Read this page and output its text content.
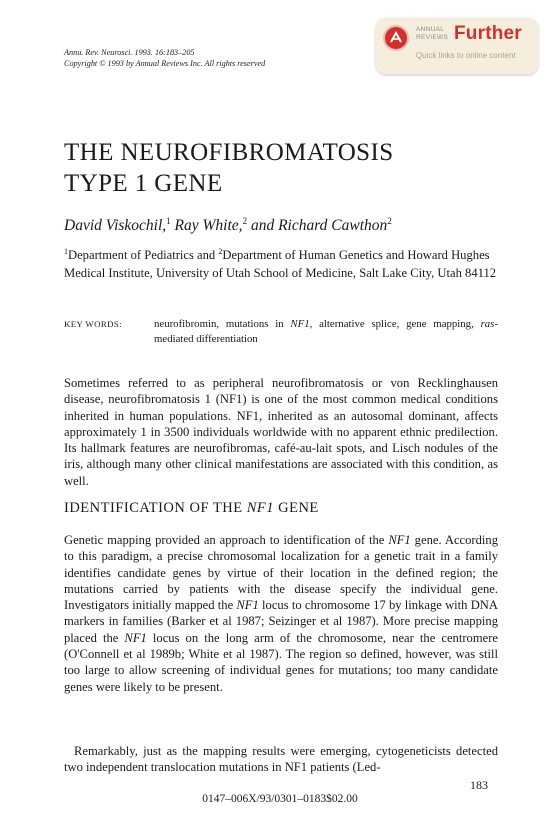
Annu. Rev. Neurosci. 1993. 16:183–205
Copyright © 1993 by Annual Reviews Inc. All rights reserved
ANNUAL
REVIEWS Further
Quick links to online content
THE NEUROFIBROMATOSIS
TYPE 1 GENE
David Viskochil,$^1$ Ray White,$^2$ and Richard Cawthon$^2$
$^1$Department of Pediatrics and $^2$Department of Human Genetics and Howard Hughes Medical Institute, University of Utah School of Medicine, Salt Lake City, Utah 84112
KEY WORDS:	neurofibromin, mutations in NF1, alternative splice, gene mapping, ras-mediated differentiation
Sometimes referred to as peripheral neurofibromatosis or von Recklinghausen disease, neurofibromatosis 1 (NF1) is one of the most common medical conditions inherited in human populations. NF1, inherited as an autosomal dominant, affects approximately 1 in 3500 individuals worldwide with no apparent ethnic predilection. Its hallmark features are neurofibromas, café-au-lait spots, and Lisch nodules of the iris, although many other clinical manifestations are associated with this condition, as well.
IDENTIFICATION OF THE NF1 GENE
Genetic mapping provided an approach to identification of the NF1 gene. According to this paradigm, a precise chromosomal localization for a genetic trait in a family identifies candidate genes by virtue of their location in the defined region; the mutations carried by patients with the disease specify the individual gene. Investigators initially mapped the NF1 locus to chromosome 17 by linkage with DNA markers in families (Barker et al 1987; Seizinger et al 1987). More precise mapping placed the NF1 locus on the long arm of the chromosome, near the centromere (O'Connell et al 1989b; White et al 1987). The region so defined, however, was still too large to allow screening of individual genes for mutations; too many candidate genes were likely to be present.
Remarkably, just as the mapping results were emerging, cytogeneticists detected two independent translocation mutations in NF1 patients (Led-
183
0147–006X/93/0301–0183$02.00
